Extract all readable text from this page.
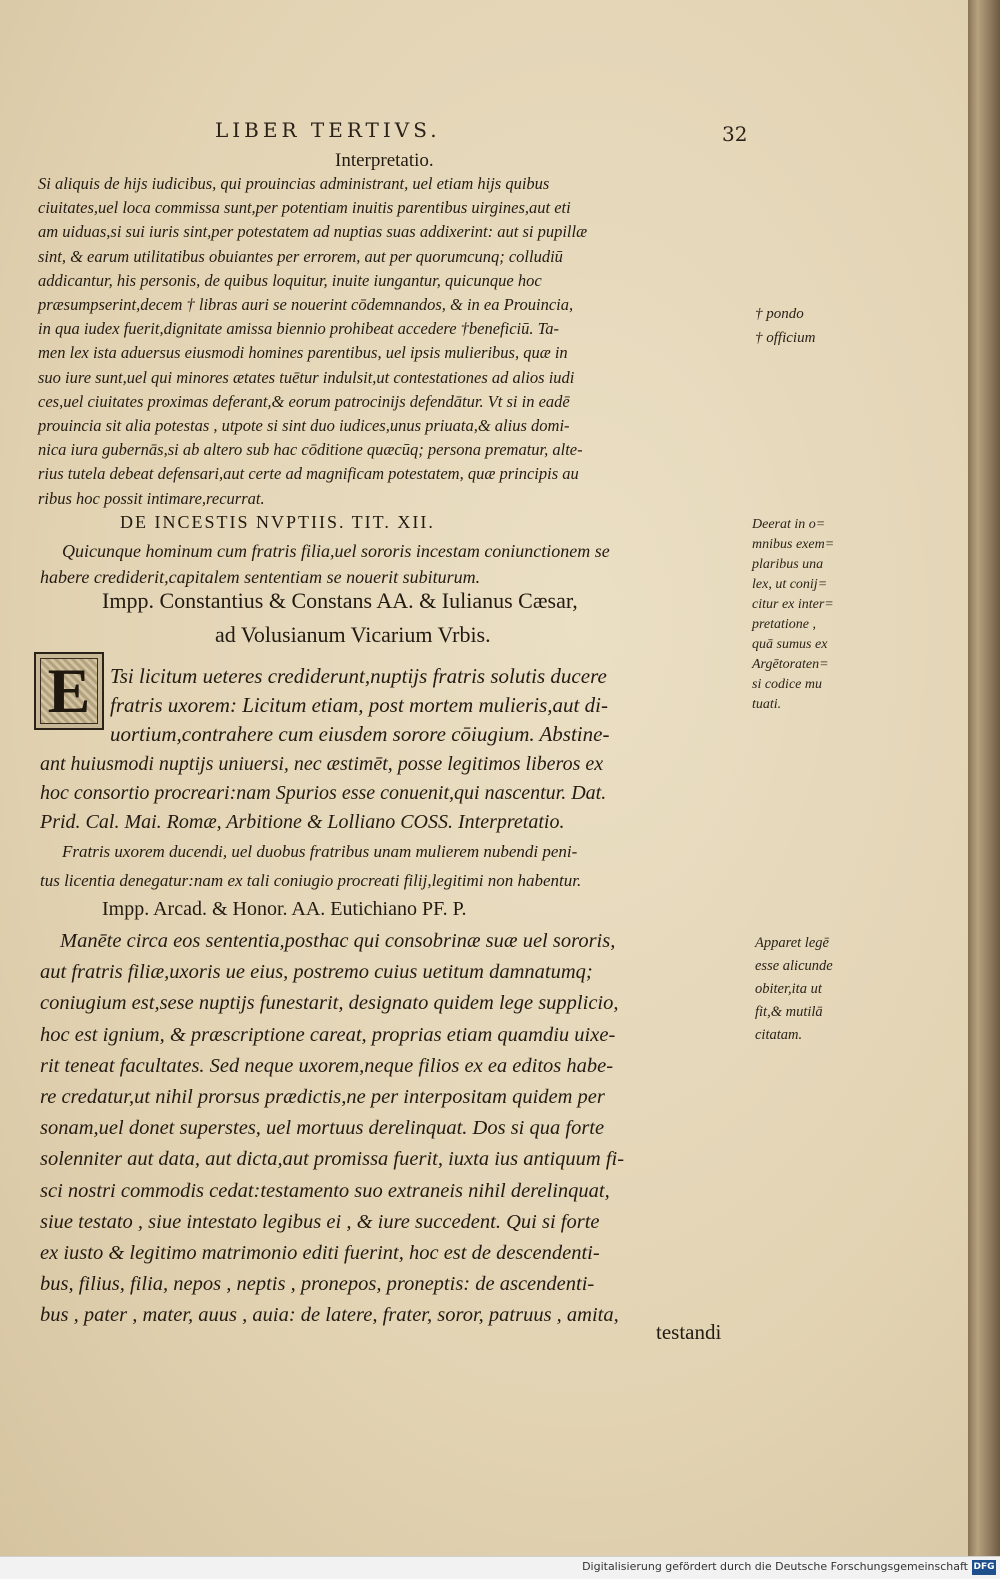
LIBER TERTIVS.	32
Interpretatio.
Si aliquis de hijs iudicibus, qui prouincias administrant, uel etiam hijs quibus
ciuitates,uel loca commissa sunt,per potentiam inuitis parentibus uirgines,aut eti
am uiduas,si sui iuris sint,per potestatem ad nuptias suas addixerint: aut si pupillæ
sint, & earum utilitatibus obuiantes per errorem, aut per quorumcunq; colludiū
addicantur, his personis, de quibus loquitur, inuite iungantur, quicunque hoc
præsumpserint,decem † libras auri se nouerint cōdemnandos, & in ea Prouincia,
in qua iudex fuerit,dignitate amissa biennio prohibeat accedere †beneficiū. Ta-
men lex ista aduersus eiusmodi homines parentibus, uel ipsis mulieribus, quæ in
suo iure sunt,uel qui minores ætates tuētur indulsit,ut contestationes ad alios iudi
ces,uel ciuitates proximas deferant,& eorum patrocinijs defendātur. Vt si in eadē
prouincia sit alia potestas , utpote si sint duo iudices,unus priuata,& alius domi-
nica iura gubernās,si ab altero sub hac cōditione quæcūq; persona prematur, alte-
rius tutela debeat defensari,aut certe ad magnificam potestatem, quæ principis au
ribus hoc possit intimare,recurrat.
† pondo
† officium
DE INCESTIS NVPTIIS. TIT. XII.
Quicunque hominum cum fratris filia,uel sororis incestam coniunctionem se
habere crediderit,capitalem sententiam se nouerit subiturum.
Deerat in o=
mnibus exem=
plaribus una
lex, ut conij=
citur ex inter=
pretatione ,
quā sumus ex
Argētoraten=
si codice mu
tuati.
Impp. Constantius & Constans AA. & Iulianus Cæsar,
ad Volusianum Vicarium Vrbis.
E Tsi licitum ueteres crediderunt,nuptijs fratris solutis ducere
fratris uxorem: Licitum etiam, post mortem mulieris,aut di-
uortium,contrahere cum eiusdem sorore cōiugium. Abstine-
ant huiusmodi nuptijs uniuersi, nec æstimēt, posse legitimos liberos ex
hoc consortio procreari:nam Spurios esse conuenit,qui nascentur. Dat.
Prid. Cal. Mai. Romæ, Arbitione & Lolliano COSS. Interpretatio.
Fratris uxorem ducendi, uel duobus fratribus unam mulierem nubendi peni-
tus licentia denegatur:nam ex tali coniugio procreati filij,legitimi non habentur.
Impp. Arcad. & Honor. AA. Eutichiano PF. P.
Manēte circa eos sententia,posthac qui consobrinæ suæ uel sororis,
aut fratris filiæ,uxoris ue eius, postremo cuius uetitum damnatumq;
coniugium est,sese nuptijs funestarit, designato quidem lege supplicio,
hoc est ignium, & præscriptione careat, proprias etiam quamdiu uixe-
rit teneat facultates. Sed neque uxorem,neque filios ex ea editos habe-
re credatur,ut nihil prorsus prædictis,ne per interpositam quidem per
sonam,uel donet superstes, uel mortuus derelinquat. Dos si qua forte
solenniter aut data, aut dicta,aut promissa fuerit, iuxta ius antiquum fi-
sci nostri commodis cedat:testamento suo extraneis nihil derelinquat,
siue testato , siue intestato legibus ei , & iure succedent. Qui si forte
ex iusto & legitimo matrimonio editi fuerint, hoc est de descendenti-
bus, filius, filia, nepos , neptis , pronepos, proneptis: de ascendenti-
bus , pater , mater, auus , auia: de latere, frater, soror, patruus , amita,
testandi
Apparet legē
esse alicunde
obiter,ita ut
fit,& mutilā
citatam.
Digitalisierung gefördert durch die Deutsche Forschungsgemeinschaft DFG
